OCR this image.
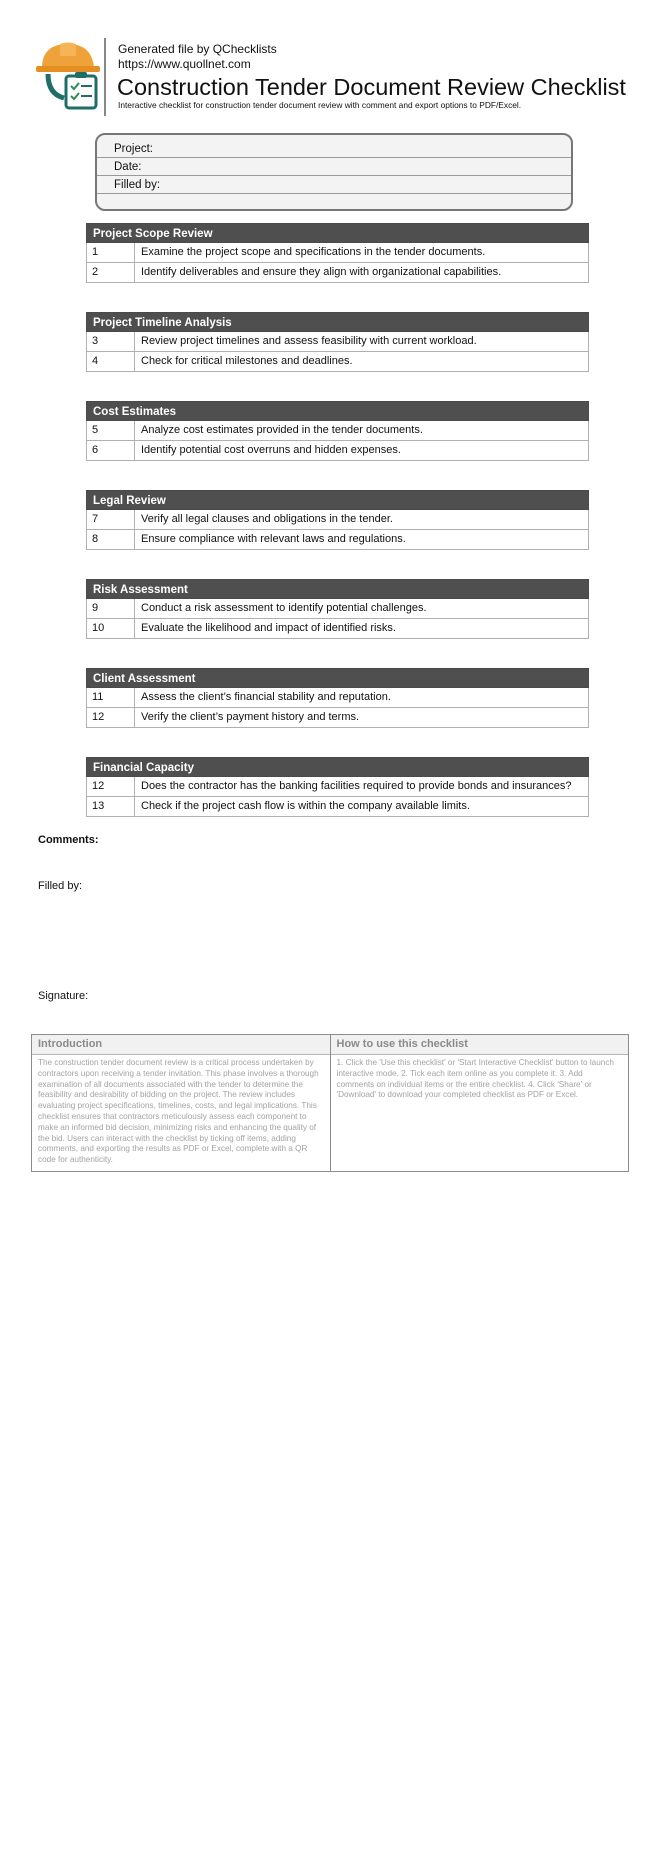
Generated file by QChecklists
https://www.quollnet.com
Construction Tender Document Review Checklist
Interactive checklist for construction tender document review with comment and export options to PDF/Excel.
Project:
Date:
Filled by:
Project Scope Review
1	Examine the project scope and specifications in the tender documents.
2	Identify deliverables and ensure they align with organizational capabilities.
Project Timeline Analysis
3	Review project timelines and assess feasibility with current workload.
4	Check for critical milestones and deadlines.
Cost Estimates
5	Analyze cost estimates provided in the tender documents.
6	Identify potential cost overruns and hidden expenses.
Legal Review
7	Verify all legal clauses and obligations in the tender.
8	Ensure compliance with relevant laws and regulations.
Risk Assessment
9	Conduct a risk assessment to identify potential challenges.
10	Evaluate the likelihood and impact of identified risks.
Client Assessment
11	Assess the client’s financial stability and reputation.
12	Verify the client’s payment history and terms.
Financial Capacity
12	Does the contractor has the banking facilities required to provide bonds and insurances?
13	Check if the project cash flow is within the company available limits.
Comments:
Filled by:
Signature:
Introduction
The construction tender document review is a critical process undertaken by contractors upon receiving a tender invitation. This phase involves a thorough examination of all documents associated with the tender to determine the feasibility and desirability of bidding on the project. The review includes evaluating project specifications, timelines, costs, and legal implications. This checklist ensures that contractors meticulously assess each component to make an informed bid decision, minimizing risks and enhancing the quality of the bid. Users can interact with the checklist by ticking off items, adding comments, and exporting the results as PDF or Excel, complete with a QR code for authenticity.
How to use this checklist
1. Click the 'Use this checklist' or 'Start Interactive Checklist' button to launch interactive mode. 2. Tick each item online as you complete it. 3. Add comments on individual items or the entire checklist. 4. Click 'Share' or 'Download' to download your completed checklist as PDF or Excel.
